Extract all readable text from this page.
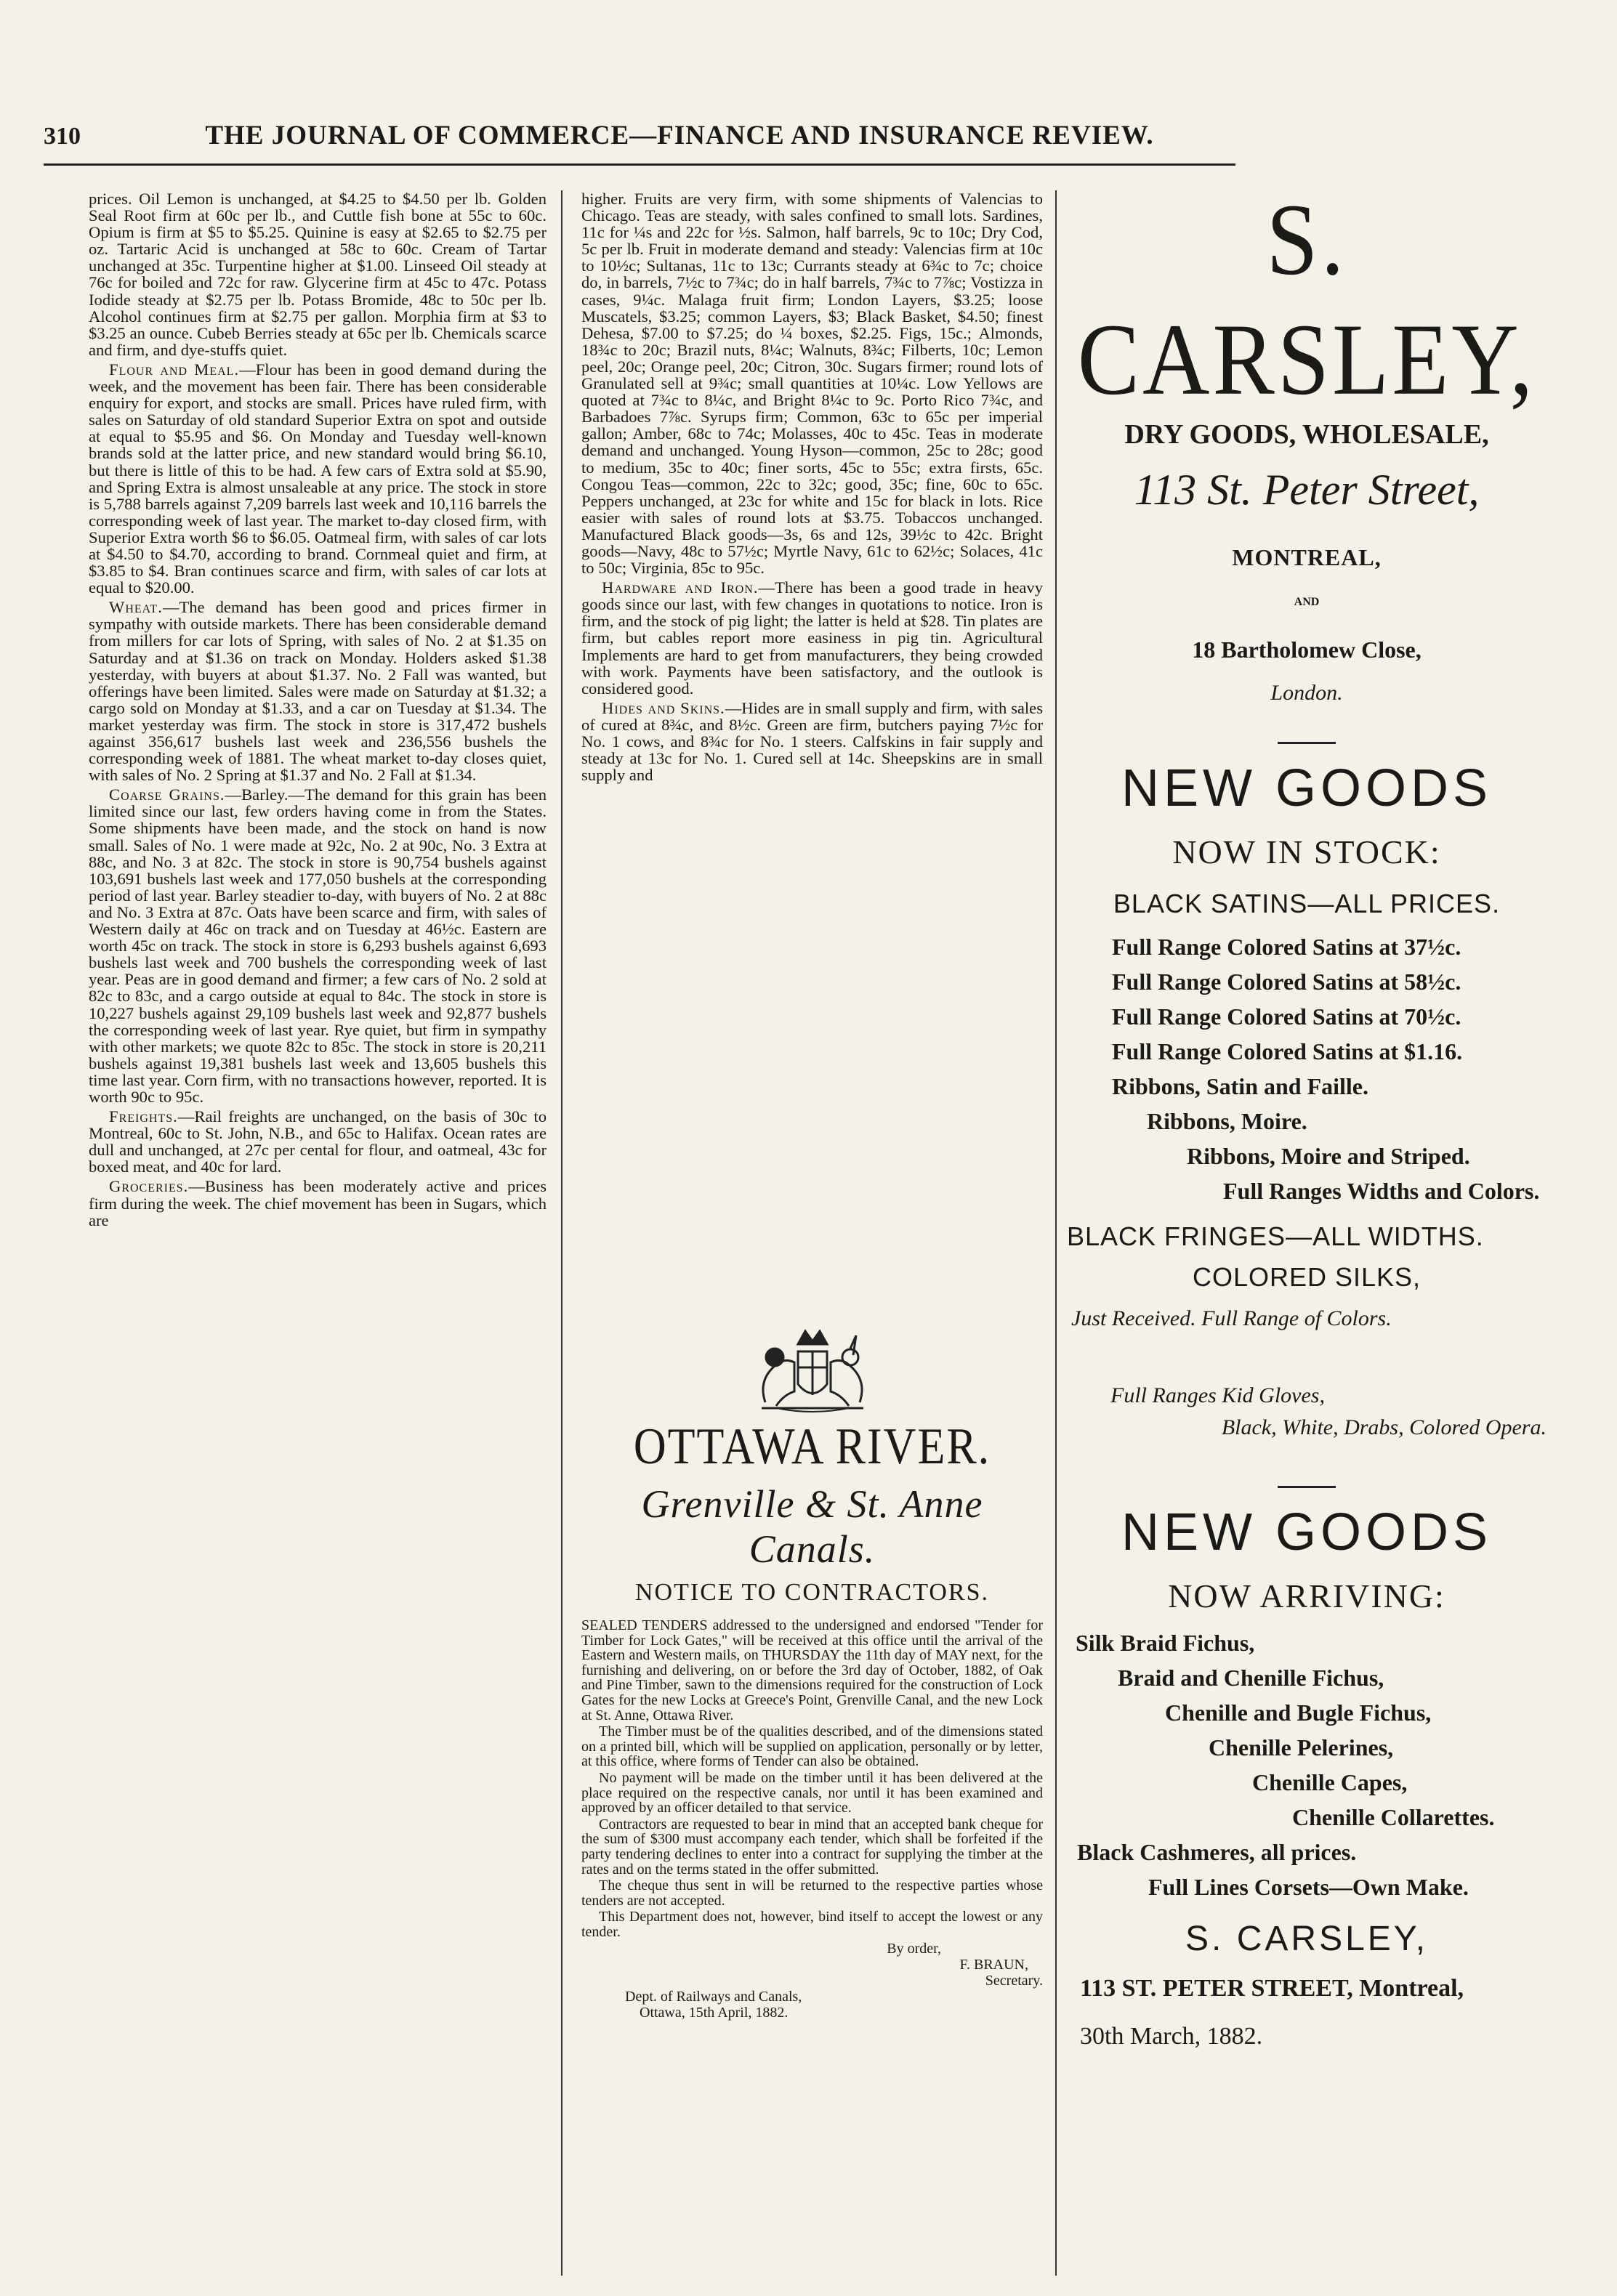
310	THE JOURNAL OF COMMERCE—FINANCE AND INSURANCE REVIEW.

prices. Oil Lemon is unchanged, at $4.25 to $4.50 per lb. Golden Seal Root firm at 60c per lb., and Cuttle fish bone at 55c to 60c. Opium is firm at $5 to $5.25. Quinine is easy at $2.65 to $2.75 per oz. Tartaric Acid is unchanged at 58c to 60c. Cream of Tartar unchanged at 35c. Turpentine higher at $1.00. Linseed Oil steady at 76c for boiled and 72c for raw. Glycerine firm at 45c to 47c. Potass Iodide steady at $2.75 per lb. Potass Bromide, 48c to 50c per lb. Alcohol continues firm at $2.75 per gallon. Morphia firm at $3 to $3.25 an ounce. Cubeb Berries steady at 65c per lb. Chemicals scarce and firm, and dye-stuffs quiet.

Flour and Meal.—Flour has been in good demand during the week, and the movement has been fair. There has been considerable enquiry for export, and stocks are small. Prices have ruled firm, with sales on Saturday of old standard Superior Extra on spot and outside at equal to $5.95 and $6. On Monday and Tuesday well-known brands sold at the latter price, and new standard would bring $6.10, but there is little of this to be had. A few cars of Extra sold at $5.90, and Spring Extra is almost unsaleable at any price. The stock in store is 5,788 barrels against 7,209 barrels last week and 10,116 barrels the corresponding week of last year. The market to-day closed firm, with Superior Extra worth $6 to $6.05. Oatmeal firm, with sales of car lots at $4.50 to $4.70, according to brand. Cornmeal quiet and firm, at $3.85 to $4. Bran continues scarce and firm, with sales of car lots at equal to $20.00.

Wheat.—The demand has been good and prices firmer in sympathy with outside markets. There has been considerable demand from millers for car lots of Spring, with sales of No. 2 at $1.35 on Saturday and at $1.36 on track on Monday. Holders asked $1.38 yesterday, with buyers at about $1.37. No. 2 Fall was wanted, but offerings have been limited. Sales were made on Saturday at $1.32; a cargo sold on Monday at $1.33, and a car on Tuesday at $1.34. The market yesterday was firm. The stock in store is 317,472 bushels against 356,617 bushels last week and 236,556 bushels the corresponding week of 1881. The wheat market to-day closes quiet, with sales of No. 2 Spring at $1.37 and No. 2 Fall at $1.34.

Coarse Grains.—Barley.—The demand for this grain has been limited since our last, few orders having come in from the States. Some shipments have been made, and the stock on hand is now small. Sales of No. 1 were made at 92c, No. 2 at 90c, No. 3 Extra at 88c, and No. 3 at 82c. The stock in store is 90,754 bushels against 103,691 bushels last week and 177,050 bushels at the corresponding period of last year. Barley steadier to-day, with buyers of No. 2 at 88c and No. 3 Extra at 87c. Oats have been scarce and firm, with sales of Western daily at 46c on track and on Tuesday at 46½c. Eastern are worth 45c on track. The stock in store is 6,293 bushels against 6,693 bushels last week and 700 bushels the corresponding week of last year. Peas are in good demand and firmer; a few cars of No. 2 sold at 82c to 83c, and a cargo outside at equal to 84c. The stock in store is 10,227 bushels against 29,109 bushels last week and 92,877 bushels the corresponding week of last year. Rye quiet, but firm in sympathy with other markets; we quote 82c to 85c. The stock in store is 20,211 bushels against 19,381 bushels last week and 13,605 bushels this time last year. Corn firm, with no transactions however, reported. It is worth 90c to 95c.

Freights.—Rail freights are unchanged, on the basis of 30c to Montreal, 60c to St. John, N.B., and 65c to Halifax. Ocean rates are dull and unchanged, at 27c per cental for flour, and oatmeal, 43c for boxed meat, and 40c for lard.

Groceries.—Business has been moderately active and prices firm during the week. The chief movement has been in Sugars, which are

higher. Fruits are very firm, with some shipments of Valencias to Chicago. Teas are steady, with sales confined to small lots. Sardines, 11c for ¼s and 22c for ½s. Salmon, half barrels, 9c to 10c; Dry Cod, 5c per lb. Fruit in moderate demand and steady: Valencias firm at 10c to 10½c; Sultanas, 11c to 13c; Currants steady at 6¾c to 7c; choice do, in barrels, 7½c to 7¾c; do in half barrels, 7¾c to 7⅞c; Vostizza in cases, 9¼c. Malaga fruit firm; London Layers, $3.25; loose Muscatels, $3.25; common Layers, $3; Black Basket, $4.50; finest Dehesa, $7.00 to $7.25; do ¼ boxes, $2.25. Figs, 15c.; Almonds, 18¾c to 20c; Brazil nuts, 8¼c; Walnuts, 8¾c; Filberts, 10c; Lemon peel, 20c; Orange peel, 20c; Citron, 30c. Sugars firmer; round lots of Granulated sell at 9¾c; small quantities at 10¼c. Low Yellows are quoted at 7¾c to 8¼c, and Bright 8¼c to 9c. Porto Rico 7¾c, and Barbadoes 7⅞c. Syrups firm; Common, 63c to 65c per imperial gallon; Amber, 68c to 74c; Molasses, 40c to 45c. Teas in moderate demand and unchanged. Young Hyson—common, 25c to 28c; good to medium, 35c to 40c; finer sorts, 45c to 55c; extra firsts, 65c. Congou Teas—common, 22c to 32c; good, 35c; fine, 60c to 65c. Peppers unchanged, at 23c for white and 15c for black in lots. Rice easier with sales of round lots at $3.75. Tobaccos unchanged. Manufactured Black goods—3s, 6s and 12s, 39½c to 42c. Bright goods—Navy, 48c to 57½c; Myrtle Navy, 61c to 62½c; Solaces, 41c to 50c; Virginia, 85c to 95c.

Hardware and Iron.—There has been a good trade in heavy goods since our last, with few changes in quotations to notice. Iron is firm, and the stock of pig light; the latter is held at $28. Tin plates are firm, but cables report more easiness in pig tin. Agricultural Implements are hard to get from manufacturers, they being crowded with work. Payments have been satisfactory, and the outlook is considered good.

Hides and Skins.—Hides are in small supply and firm, with sales of cured at 8¾c, and 8½c. Green are firm, butchers paying 7½c for No. 1 cows, and 8¾c for No. 1 steers. Calfskins in fair supply and steady at 13c for No. 1. Cured sell at 14c. Sheepskins are in small supply and

OTTAWA RIVER.
Grenville & St. Anne Canals.
NOTICE TO CONTRACTORS.

SEALED TENDERS addressed to the undersigned and endorsed "Tender for Timber for Lock Gates," will be received at this office until the arrival of the Eastern and Western mails, on THURSDAY the 11th day of MAY next, for the furnishing and delivering, on or before the 3rd day of October, 1882, of Oak and Pine Timber, sawn to the dimensions required for the construction of Lock Gates for the new Locks at Greece's Point, Grenville Canal, and the new Lock at St. Anne, Ottawa River.

The Timber must be of the qualities described, and of the dimensions stated on a printed bill, which will be supplied on application, personally or by letter, at this office, where forms of Tender can also be obtained.

No payment will be made on the timber until it has been delivered at the place required on the respective canals, nor until it has been examined and approved by an officer detailed to that service.

Contractors are requested to bear in mind that an accepted bank cheque for the sum of $300 must accompany each tender, which shall be forfeited if the party tendering declines to enter into a contract for supplying the timber at the rates and on the terms stated in the offer submitted.

The cheque thus sent in will be returned to the respective parties whose tenders are not accepted.

This Department does not, however, bind itself to accept the lowest or any tender.

By order,
F. BRAUN,
Secretary.
Dept. of Railways and Canals,
Ottawa, 15th April, 1882.
S. CARSLEY,
DRY GOODS, WHOLESALE,
113 St. Peter Street,
MONTREAL,
AND
18 Bartholomew Close,
London.
NEW GOODS
NOW IN STOCK:
BLACK SATINS—ALL PRICES.
Full Range Colored Satins at 37½c.
Full Range Colored Satins at 58½c.
Full Range Colored Satins at 70½c.
Full Range Colored Satins at $1.16.
Ribbons, Satin and Faille.
Ribbons, Moire.
Ribbons, Moire and Striped.
Full Ranges Widths and Colors.
BLACK FRINGES—ALL WIDTHS.
COLORED SILKS,
Just Received. Full Range of Colors.
Full Ranges Kid Gloves,
Black, White, Drabs, Colored Opera.
NEW GOODS
NOW ARRIVING:
Silk Braid Fichus,
Braid and Chenille Fichus,
Chenille and Bugle Fichus,
Chenille Pelerines,
Chenille Capes,
Chenille Collarettes.
Black Cashmeres, all prices.
Full Lines Corsets—Own Make.
S. CARSLEY,
113 ST. PETER STREET, Montreal,
30th March, 1882.
